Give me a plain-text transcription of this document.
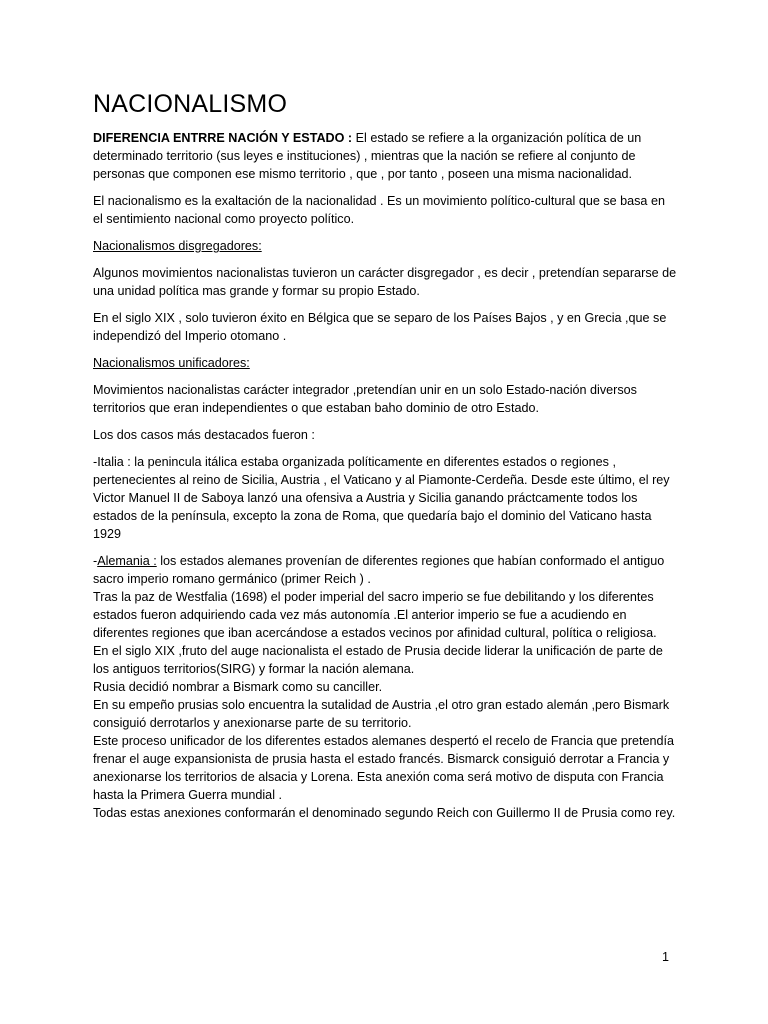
NACIONALISMO

DIFERENCIA ENTRRE NACIÓN Y ESTADO : El estado se refiere a la organización política de un determinado territorio (sus leyes e instituciones) , mientras que la nación se refiere al conjunto de personas que componen ese mismo territorio , que , por tanto , poseen una misma nacionalidad.

El nacionalismo es la exaltación de la nacionalidad . Es un movimiento político-cultural que se basa en el sentimiento nacional como proyecto político.

Nacionalismos disgregadores:

Algunos movimientos nacionalistas tuvieron un carácter disgregador , es decir , pretendían separarse de una unidad política mas grande y formar su propio Estado.

En el siglo XIX , solo tuvieron éxito en Bélgica que se separo de los Países Bajos , y en Grecia ,que se independizó del Imperio otomano .

Nacionalismos unificadores:

Movimientos nacionalistas carácter integrador ,pretendían unir en un solo Estado-nación diversos territorios que eran independientes o que estaban baho dominio de otro Estado.

Los dos casos más destacados fueron :

-Italia : la penincula itálica estaba organizada políticamente en diferentes estados o regiones , pertenecientes al reino de Sicilia, Austria , el Vaticano y al Piamonte-Cerdeña. Desde este último, el rey Victor Manuel II de Saboya lanzó una ofensiva a Austria y Sicilia ganando práctcamente todos los estados de la península, excepto la zona de Roma, que quedaría bajo el dominio del Vaticano hasta 1929

-Alemania : los estados alemanes provenían de diferentes regiones que habían conformado el antiguo sacro imperio romano germánico (primer Reich ) .
Tras la paz de Westfalia (1698) el poder imperial del sacro imperio se fue debilitando y los diferentes estados fueron adquiriendo cada vez más autonomía .El anterior imperio se fue a acudiendo en diferentes regiones que iban acercándose a estados vecinos por afinidad cultural, política o religiosa.
En el siglo XIX ,fruto del auge nacionalista el estado de Prusia decide liderar la unificación de parte de los antiguos territorios(SIRG) y formar la nación alemana.
Rusia decidió nombrar a Bismark como su canciller.
En su empeño prusias solo encuentra la sutalidad de Austria ,el otro gran estado alemán ,pero Bismark consiguió derrotarlos y anexionarse parte de su territorio.
Este proceso unificador de los diferentes estados alemanes despertó el recelo de Francia que pretendía frenar el auge expansionista de prusia hasta el estado francés. Bismarck consiguió derrotar a Francia y anexionarse los territorios de alsacia y Lorena. Esta anexión coma será motivo de disputa con Francia hasta la Primera Guerra mundial .
Todas estas anexiones conformarán el denominado segundo Reich con Guillermo II de Prusia como rey.

1
